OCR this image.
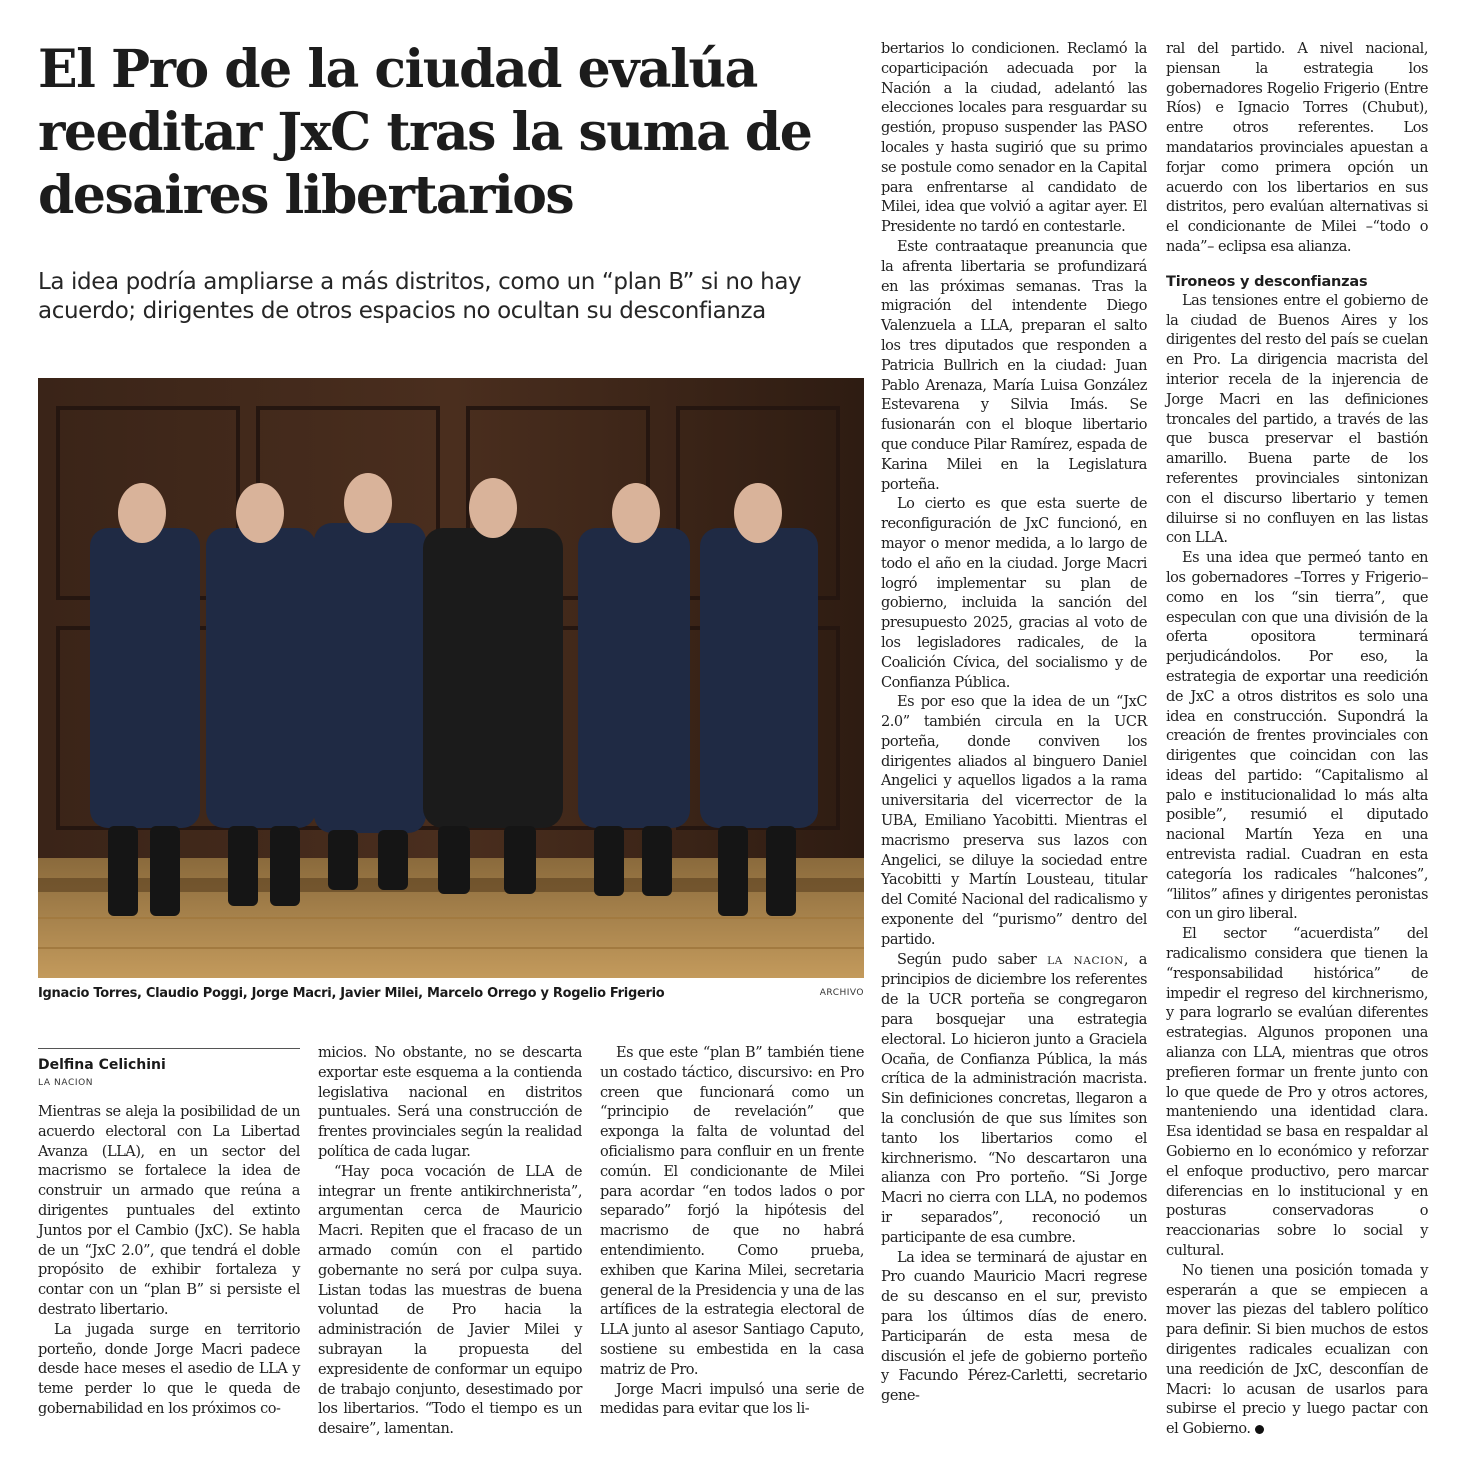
El Pro de la ciudad evalúa
reeditar JxC tras la suma de
desaires libertarios
La idea podría ampliarse a más distritos, como un “plan B” si no hay
acuerdo; dirigentes de otros espacios no ocultan su desconfianza
Ignacio Torres, Claudio Poggi, Jorge Macri, Javier Milei, Marcelo Orrego y Rogelio Frigerio	ARCHIVO
Delfina Celichini
LA NACION

Mientras se aleja la posibilidad de un acuerdo electoral con La Libertad Avanza (LLA), en un sector del macrismo se fortalece la idea de construir un armado que reúna a dirigentes puntuales del extinto Juntos por el Cambio (JxC). Se habla de un “JxC 2.0”, que tendrá el doble propósito de exhibir fortaleza y contar con un “plan B” si persiste el destrato libertario.

La jugada surge en territorio porteño, donde Jorge Macri padece desde hace meses el asedio de LLA y teme perder lo que le queda de gobernabilidad en los próximos co-

micios. No obstante, no se descarta exportar este esquema a la contienda legislativa nacional en distritos puntuales. Será una construcción de frentes provinciales según la realidad política de cada lugar.

“Hay poca vocación de LLA de integrar un frente antikirchnerista”, argumentan cerca de Mauricio Macri. Repiten que el fracaso de un armado común con el partido gobernante no será por culpa suya. Listan todas las muestras de buena voluntad de Pro hacia la administración de Javier Milei y subrayan la propuesta del expresidente de conformar un equipo de trabajo conjunto, desestimado por los libertarios. “Todo el tiempo es un desaire”, lamentan.

Es que este “plan B” también tiene un costado táctico, discursivo: en Pro creen que funcionará como un “principio de revelación” que exponga la falta de voluntad del oficialismo para confluir en un frente común. El condicionante de Milei para acordar “en todos lados o por separado” forjó la hipótesis del macrismo de que no habrá entendimiento. Como prueba, exhiben que Karina Milei, secretaria general de la Presidencia y una de las artífices de la estrategia electoral de LLA junto al asesor Santiago Caputo, sostiene su embestida en la casa matriz de Pro.

Jorge Macri impulsó una serie de medidas para evitar que los li-

bertarios lo condicionen. Reclamó la coparticipación adecuada por la Nación a la ciudad, adelantó las elecciones locales para resguardar su gestión, propuso suspender las PASO locales y hasta sugirió que su primo se postule como senador en la Capital para enfrentarse al candidato de Milei, idea que volvió a agitar ayer. El Presidente no tardó en contestarle.

Este contraataque preanuncia que la afrenta libertaria se profundizará en las próximas semanas. Tras la migración del intendente Diego Valenzuela a LLA, preparan el salto los tres diputados que responden a Patricia Bullrich en la ciudad: Juan Pablo Arenaza, María Luisa González Estevarena y Silvia Imás. Se fusionarán con el bloque libertario que conduce Pilar Ramírez, espada de Karina Milei en la Legislatura porteña.

Lo cierto es que esta suerte de reconfiguración de JxC funcionó, en mayor o menor medida, a lo largo de todo el año en la ciudad. Jorge Macri logró implementar su plan de gobierno, incluida la sanción del presupuesto 2025, gracias al voto de los legisladores radicales, de la Coalición Cívica, del socialismo y de Confianza Pública.

Es por eso que la idea de un “JxC 2.0” también circula en la UCR porteña, donde conviven los dirigentes aliados al binguero Daniel Angelici y aquellos ligados a la rama universitaria del vicerrector de la UBA, Emiliano Yacobitti. Mientras el macrismo preserva sus lazos con Angelici, se diluye la sociedad entre Yacobitti y Martín Lousteau, titular del Comité Nacional del radicalismo y exponente del “purismo” dentro del partido.

Según pudo saber LA NACION, a principios de diciembre los referentes de la UCR porteña se congregaron para bosquejar una estrategia electoral. Lo hicieron junto a Graciela Ocaña, de Confianza Pública, la más crítica de la administración macrista. Sin definiciones concretas, llegaron a la conclusión de que sus límites son tanto los libertarios como el kirchnerismo. “No descartaron una alianza con Pro porteño. “Si Jorge Macri no cierra con LLA, no podemos ir separados”, reconoció un participante de esa cumbre.

La idea se terminará de ajustar en Pro cuando Mauricio Macri regrese de su descanso en el sur, previsto para los últimos días de enero. Participarán de esta mesa de discusión el jefe de gobierno porteño y Facundo Pérez-Carletti, secretario gene-

ral del partido. A nivel nacional, piensan la estrategia los gobernadores Rogelio Frigerio (Entre Ríos) e Ignacio Torres (Chubut), entre otros referentes. Los mandatarios provinciales apuestan a forjar como primera opción un acuerdo con los libertarios en sus distritos, pero evalúan alternativas si el condicionante de Milei –“todo o nada”– eclipsa esa alianza.

Tironeos y desconfianzas

Las tensiones entre el gobierno de la ciudad de Buenos Aires y los dirigentes del resto del país se cuelan en Pro. La dirigencia macrista del interior recela de la injerencia de Jorge Macri en las definiciones troncales del partido, a través de las que busca preservar el bastión amarillo. Buena parte de los referentes provinciales sintonizan con el discurso libertario y temen diluirse si no confluyen en las listas con LLA.

Es una idea que permeó tanto en los gobernadores –Torres y Frigerio– como en los “sin tierra”, que especulan con que una división de la oferta opositora terminará perjudicándolos. Por eso, la estrategia de exportar una reedición de JxC a otros distritos es solo una idea en construcción. Supondrá la creación de frentes provinciales con dirigentes que coincidan con las ideas del partido: “Capitalismo al palo e institucionalidad lo más alta posible”, resumió el diputado nacional Martín Yeza en una entrevista radial. Cuadran en esta categoría los radicales “halcones”, “lilitos” afines y dirigentes peronistas con un giro liberal.

El sector “acuerdista” del radicalismo considera que tienen la “responsabilidad histórica” de impedir el regreso del kirchnerismo, y para lograrlo se evalúan diferentes estrategias. Algunos proponen una alianza con LLA, mientras que otros prefieren formar un frente junto con lo que quede de Pro y otros actores, manteniendo una identidad clara. Esa identidad se basa en respaldar al Gobierno en lo económico y reforzar el enfoque productivo, pero marcar diferencias en lo institucional y en posturas conservadoras o reaccionarias sobre lo social y cultural.

No tienen una posición tomada y esperarán a que se empiecen a mover las piezas del tablero político para definir. Si bien muchos de estos dirigentes radicales ecualizan con una reedición de JxC, desconfían de Macri: lo acusan de usarlos para subirse el precio y luego pactar con el Gobierno.
